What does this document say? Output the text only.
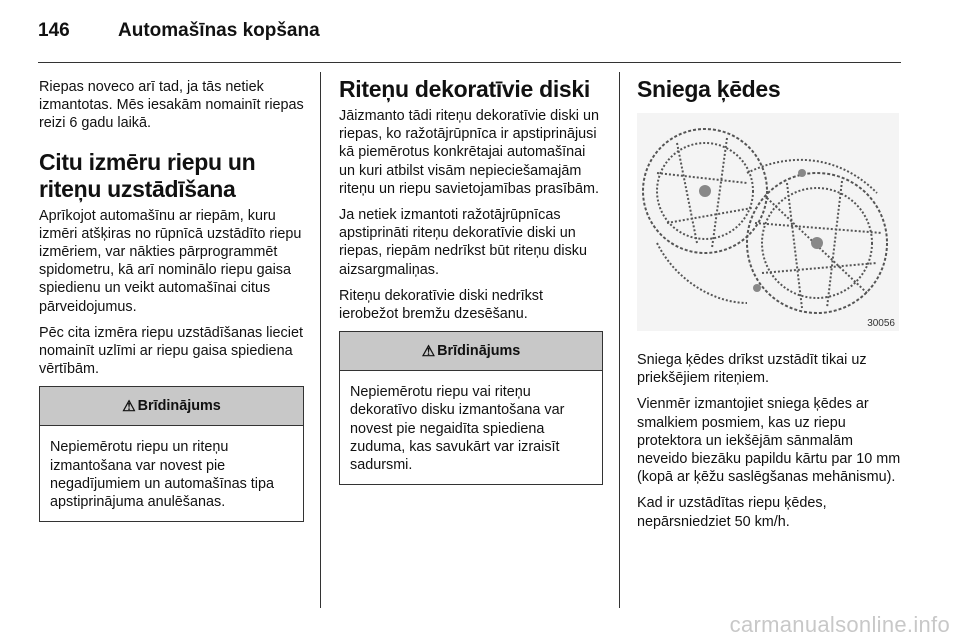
146	Automašīnas kopšana

Riepas noveco arī tad, ja tās netiek izmantotas. Mēs iesakām nomainīt riepas reizi 6 gadu laikā.

Citu izmēru riepu un riteņu uzstādīšana

Aprīkojot automašīnu ar riepām, kuru izmēri atšķiras no rūpnīcā uzstādīto riepu izmēriem, var nākties pārprogrammēt spidometru, kā arī nominālo riepu gaisa spiedienu un veikt automašīnai citus pārveidojumus.

Pēc cita izmēra riepu uzstādīšanas lieciet nomainīt uzlīmi ar riepu gaisa spiediena vērtībām.

⚠ Brīdinājums
Nepiemērotu riepu un riteņu izmantošana var novest pie negadījumiem un automašīnas tipa apstiprinājuma anulēšanas.
Riteņu dekoratīvie diski

Jāizmanto tādi riteņu dekoratīvie diski un riepas, ko ražotājrūpnīca ir apstiprinājusi kā piemērotus konkrētajai automašīnai un kuri atbilst visām nepieciešamajām riteņu un riepu savietojamības prasībām.

Ja netiek izmantoti ražotājrūpnīcas apstiprināti riteņu dekoratīvie diski un riepas, riepām nedrīkst būt riteņu disku aizsargmaliņas.

Riteņu dekoratīvie diski nedrīkst ierobežot bremžu dzesēšanu.

⚠ Brīdinājums
Nepiemērotu riepu vai riteņu dekoratīvo disku izmantošana var novest pie negaidīta spiediena zuduma, kas savukārt var izraisīt sadursmi.
Sniega ķēdes
30056

Sniega ķēdes drīkst uzstādīt tikai uz priekšējiem riteņiem.

Vienmēr izmantojiet sniega ķēdes ar smalkiem posmiem, kas uz riepu protektora un iekšējām sānmalām neveido biezāku papildu kārtu par 10 mm (kopā ar ķēžu saslēgšanas mehānismu).

Kad ir uzstādītas riepu ķēdes, nepārsniedziet 50 km/h.

carmanualsonline.info
